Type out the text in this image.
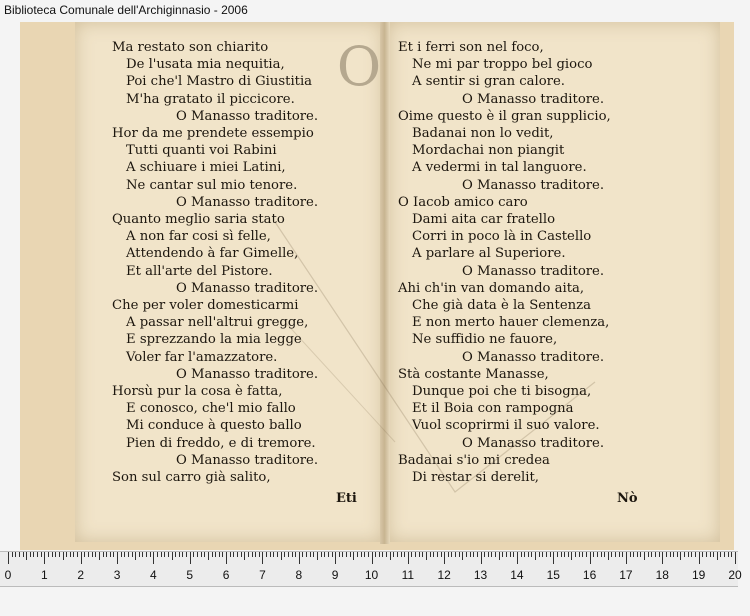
Biblioteca Comunale dell'Archiginnasio - 2006
O
Ma restato son chiarito
De l'usata mia nequitia,
Poi che'l Mastro di Giustitia
M'ha gratato il piccicore.
O Manasso traditore.
Hor da me prendete essempio
Tutti quanti voi Rabini
A schiuare i miei Latini,
Ne cantar sul mio tenore.
O Manasso traditore.
Quanto meglio saria stato
A non far cosi sì felle,
Attendendo à far Gimelle,
Et all'arte del Pistore.
O Manasso traditore.
Che per voler domesticarmi
A passar nell'altrui gregge,
E sprezzando la mia legge
Voler far l'amazzatore.
O Manasso traditore.
Horsù pur la cosa è fatta,
E conosco, che'l mio fallo
Mi conduce à questo ballo
Pien di freddo, e di tremore.
O Manasso traditore.
Son sul carro già salito,
Et i ferri son nel foco,
Ne mi par troppo bel gioco
A sentir si gran calore.
O Manasso traditore.
Oime questo è il gran supplicio,
Badanai non lo vedit,
Mordachai non piangit
A vedermi in tal languore.
O Manasso traditore.
O Iacob amico caro
Dami aita car fratello
Corri in poco là in Castello
A parlare al Superiore.
O Manasso traditore.
Ahi ch'in van domando aita,
Che già data è la Sentenza
E non merto hauer clemenza,
Ne suffidio ne fauore,
O Manasso traditore.
Stà costante Manasse,
Dunque poi che ti bisogna,
Et il Boia con rampogna
Vuol scoprirmi il suo valore.
O Manasso traditore.
Badanai s'io mi credea
Di restar si derelit,
Eti	Nò
0	1	2	3	4	5	6	7	8	9	10	11	12 13 14 15 16 17 18 19 20
